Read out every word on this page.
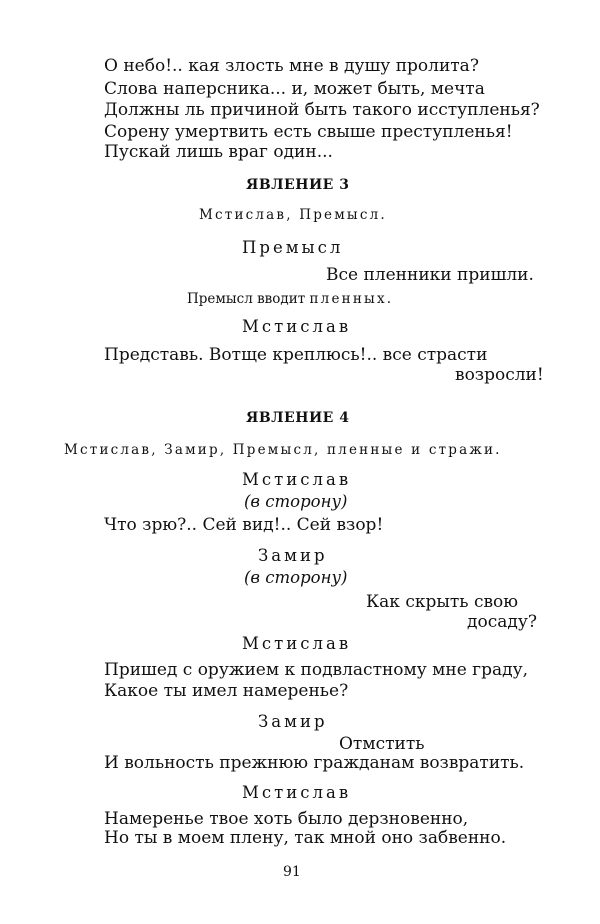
О небо!.. кая злость мне в душу пролита?
Слова наперсника... и, может быть, мечта
Должны ль причиной быть такого исступленья?
Сорену умертвить есть свыше преступленья!
Пускай лишь враг один...
ЯВЛЕНИЕ 3
Мстислав, Премысл.
Премысл
Все пленники пришли.
Премысл вводит пленных.
Мстислав
Представь. Вотще креплюсь!.. все страсти
возросли!
ЯВЛЕНИЕ 4
Мстислав, Замир, Премысл, пленные и стражи.
Мстислав
(в сторону)
Что зрю?.. Сей вид!.. Сей взор!
Замир
(в сторону)
Как скрыть свою
досаду?
Мстислав
Пришед с оружием к подвластному мне граду,
Какое ты имел намеренье?
Замир
Отмстить
И вольность прежнюю гражданам возвратить.
Мстислав
Намеренье твое хоть было дерзновенно,
Но ты в моем плену, так мной оно забвенно.
91
